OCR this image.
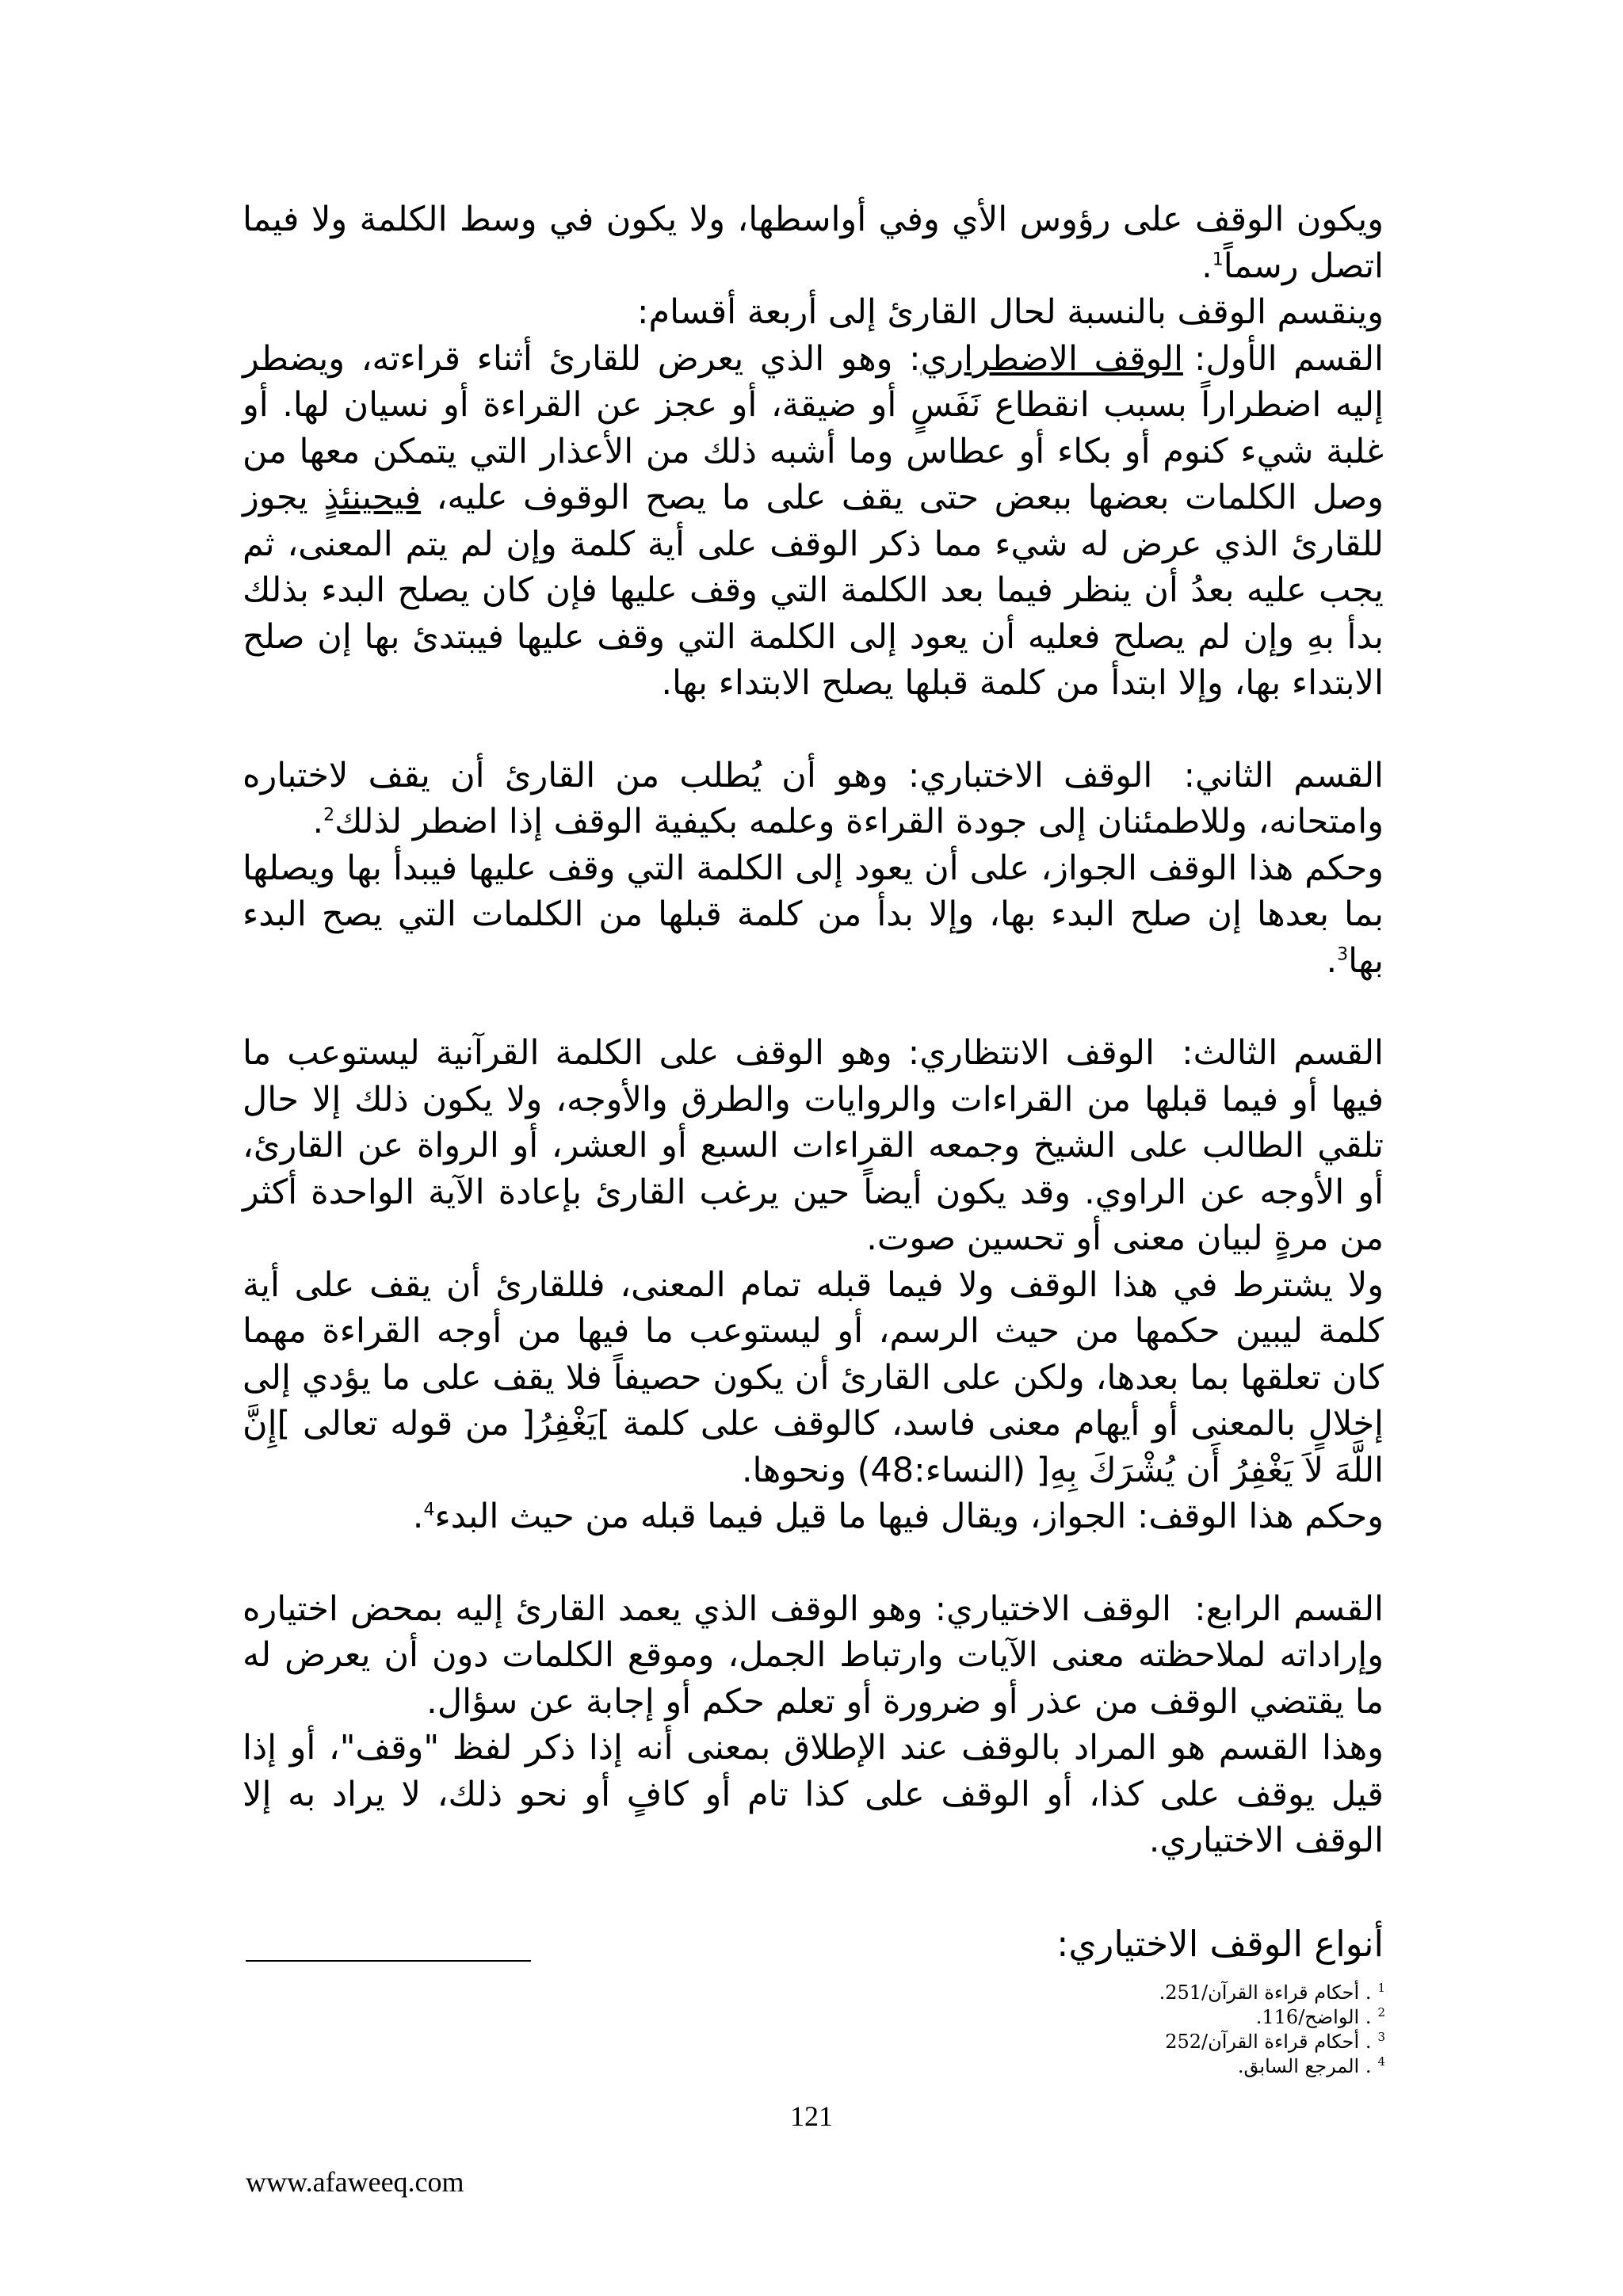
ويكون الوقف على رؤوس الأي وفي أواسطها، ولا يكون في وسط الكلمة ولا فيما اتصل رسماً$^1$.

وينقسم الوقف بالنسبة لحال القارئ إلى أربعة أقسام:

القسم الأول:الوقف الاضطراري: وهو الذي يعرض للقارئ أثناء قراءته، ويضطر إليه اضطراراً بسبب انقطاع نَفَسٍ أو ضيقة، أو عجز عن القراءة أو نسيان لها. أو غلبة شيء كنوم أو بكاء أو عطاس وما أشبه ذلك من الأعذار التي يتمكن معها من وصل الكلمات بعضها ببعض حتى يقف على ما يصح الوقوف عليه، فيحينئذٍ يجوز للقارئ الذي عرض له شيء مما ذكر الوقف على أية كلمة وإن لم يتم المعنى، ثم يجب عليه بعدُ أن ينظر فيما بعد الكلمة التي وقف عليها فإن كان يصلح البدء بذلك بدأ بهِ وإن لم يصلح فعليه أن يعود إلى الكلمة التي وقف عليها فيبتدئ بها إن صلح الابتداء بها، وإلا ابتدأ من كلمة قبلها يصلح الابتداء بها.

القسم الثاني: الوقف الاختباري: وهو أن يُطلب من القارئ أن يقف لاختباره وامتحانه، وللاطمئنان إلى جودة القراءة وعلمه بكيفية الوقف إذا اضطر لذلك$^2$.

وحكم هذا الوقف الجواز، على أن يعود إلى الكلمة التي وقف عليها فيبدأ بها ويصلها بما بعدها إن صلح البدء بها، وإلا بدأ من كلمة قبلها من الكلمات التي يصح البدء بها$^3$.

القسم الثالث: الوقف الانتظاري: وهو الوقف على الكلمة القرآنية ليستوعب ما فيها أو فيما قبلها من القراءات والروايات والطرق والأوجه، ولا يكون ذلك إلا حال تلقي الطالب على الشيخ وجمعه القراءات السبع أو العشر، أو الرواة عن القارئ، أو الأوجه عن الراوي. وقد يكون أيضاً حين يرغب القارئ بإعادة الآية الواحدة أكثر من مرةٍ لبيان معنى أو تحسين صوت.

ولا يشترط في هذا الوقف ولا فيما قبله تمام المعنى، فللقارئ أن يقف على أية كلمة ليبين حكمها من حيث الرسم، أو ليستوعب ما فيها من أوجه القراءة مهما كان تعلقها بما بعدها، ولكن على القارئ أن يكون حصيفاً فلا يقف على ما يؤدي إلى إخلالٍ بالمعنى أو أيهام معنى فاسد، كالوقف على كلمة ]يَغْفِرُ[ من قوله تعالى ]إِنَّ اللَّهَ لاَ يَغْفِرُ أَن يُشْرَكَ بِهِ[ (النساء:48) ونحوها.

وحكم هذا الوقف: الجواز، ويقال فيها ما قيل فيما قبله من حيث البدء$^4$.

القسم الرابع: الوقف الاختياري: وهو الوقف الذي يعمد القارئ إليه بمحض اختياره وإراداته لملاحظته معنى الآيات وارتباط الجمل، وموقع الكلمات دون أن يعرض له ما يقتضي الوقف من عذر أو ضرورة أو تعلم حكم أو إجابة عن سؤال.

وهذا القسم هو المراد بالوقف عند الإطلاق بمعنى أنه إذا ذكر لفظ "وقف"، أو إذا قيل يوقف على كذا، أو الوقف على كذا تام أو كافٍ أو نحو ذلك، لا يراد به إلا الوقف الاختياري.

أنواع الوقف الاختياري:

$^1$. أحكام قراءة القرآن/251.

$^2$. الواضح/116.

$^3$. أحكام قراءة القرآن/252

$^4$. المرجع السابق.

121
www.afaweeq.com
